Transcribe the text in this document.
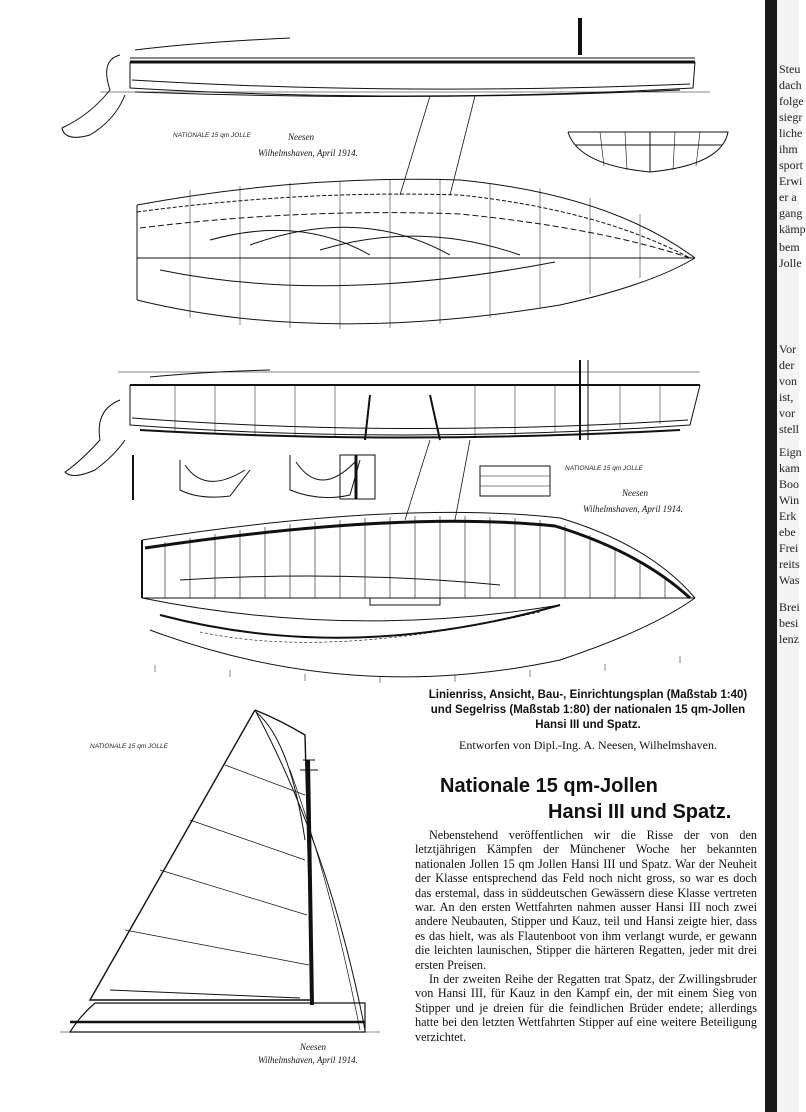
NATIONALE 15 qm JOLLE
NATIONALE 15 qm JOLLE
NATIONALE 15 qm JOLLE
Neesen
Wilhelmshaven, April 1914.
Neesen
Wilhelmshaven, April 1914.
Neesen
Wilhelmshaven, April 1914.
Linienriss, Ansicht, Bau-, Einrichtungsplan (Maßstab 1:40)
und Segelriss (Maßstab 1:80) der nationalen 15 qm-Jollen
Hansi III und Spatz.
Entworfen von Dipl.-Ing. A. Neesen, Wilhelmshaven.
Nationale 15 qm-Jollen
Hansi III und Spatz.

Nebenstehend veröffentlichen wir die Risse der von den letztjährigen Kämpfen der Münchener Woche her bekannten nationalen Jollen 15 qm Jollen Hansi III und Spatz. War der Neuheit der Klasse entsprechend das Feld noch nicht gross, so war es doch das erstemal, dass in süddeutschen Gewässern diese Klasse vertreten war. An den ersten Wettfahrten nahmen ausser Hansi III noch zwei andere Neubauten, Stipper und Kauz, teil und Hansi zeigte hier, dass es das hielt, was als Flautenboot von ihm verlangt wurde, er gewann die leichten launischen, Stipper die härteren Regatten, jeder mit drei ersten Preisen.

In der zweiten Reihe der Regatten trat Spatz, der Zwillingsbruder von Hansi III, für Kauz in den Kampf ein, der mit einem Sieg von Stipper und je dreien für die feindlichen Brüder endete; allerdings hatte bei den letzten Wettfahrten Stipper auf eine weitere Beteiligung verzichtet.

Steu
dach
folge
siegr
liche
ihm
sport
Erwi
er a
gang
kämp
bem
Jolle
Vor
der
von
ist,
vor
stell
Eign
kam
Boo
Win
Erk
ebe
Frei
reits
Was
Brei
besi
lenz
